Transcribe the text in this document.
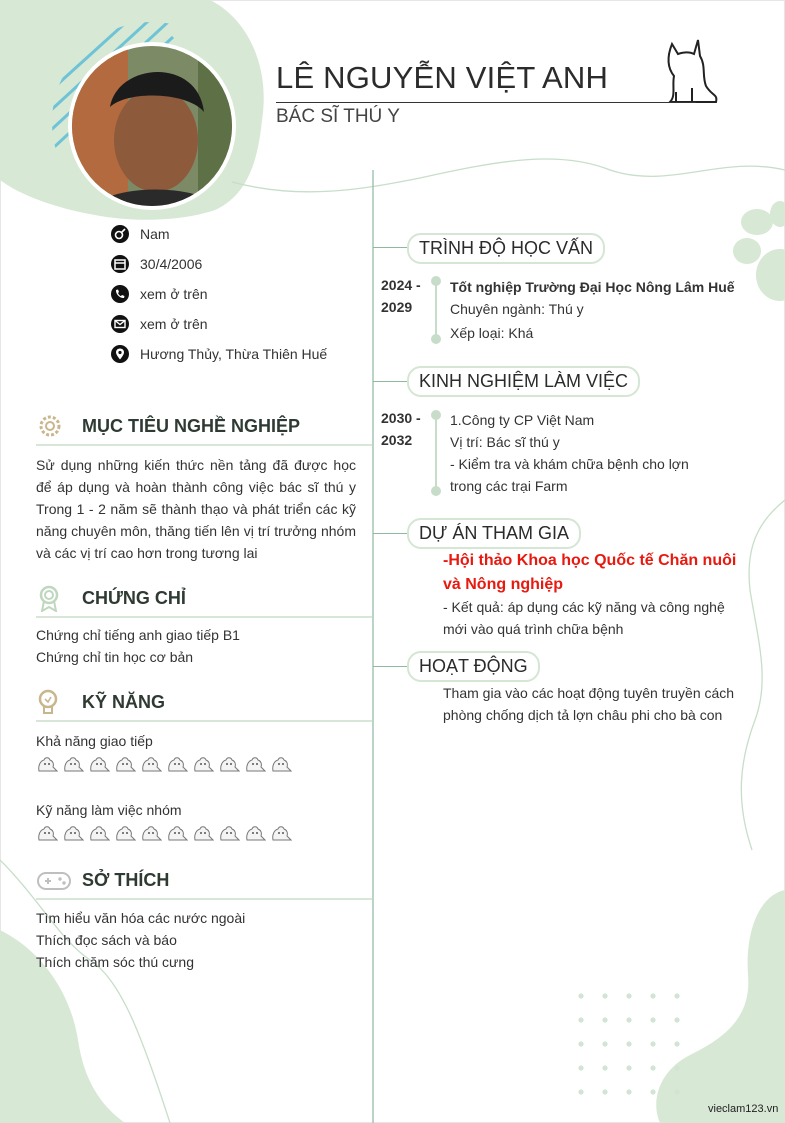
LÊ NGUYỄN VIỆT ANH
BÁC SĨ THÚ Y
Nam
30/4/2006
xem ở trên
xem ở trên
Hương Thủy, Thừa Thiên Huế
MỤC TIÊU NGHỀ NGHIỆP
Sử dụng những kiến thức nền tảng đã được học để áp dụng và hoàn thành công việc bác sĩ thú y Trong 1 - 2 năm sẽ thành thạo và phát triển các kỹ năng chuyên môn, thăng tiến lên vị trí trưởng nhóm và các vị trí cao hơn trong tương lai
CHỨNG CHỈ
Chứng chỉ tiếng anh giao tiếp B1
Chứng chỉ tin học cơ bản
KỸ NĂNG
Khả năng giao tiếp
Kỹ năng làm việc nhóm
SỞ THÍCH
Tìm hiểu văn hóa các nước ngoài
Thích đọc sách và báo
Thích chăm sóc thú cưng
TRÌNH ĐỘ HỌC VẤN
2024 -
2029
Tốt nghiệp Trường Đại Học Nông Lâm Huế
Chuyên ngành: Thú y
Xếp loại: Khá
KINH NGHIỆM LÀM VIỆC
2030 -
2032
1.Công ty CP Việt Nam
Vị trí: Bác sĩ thú y
- Kiểm tra và khám chữa bệnh cho lợn trong các trại Farm
DỰ ÁN THAM GIA
-Hội thảo Khoa học Quốc tế Chăn nuôi và Nông nghiệp
- Kết quả: áp dụng các kỹ năng và công nghệ mới vào quá trình chữa bệnh
HOẠT ĐỘNG
Tham gia vào các hoạt động tuyên truyền cách phòng chống dịch tả lợn châu phi cho bà con
vieclam123.vn
